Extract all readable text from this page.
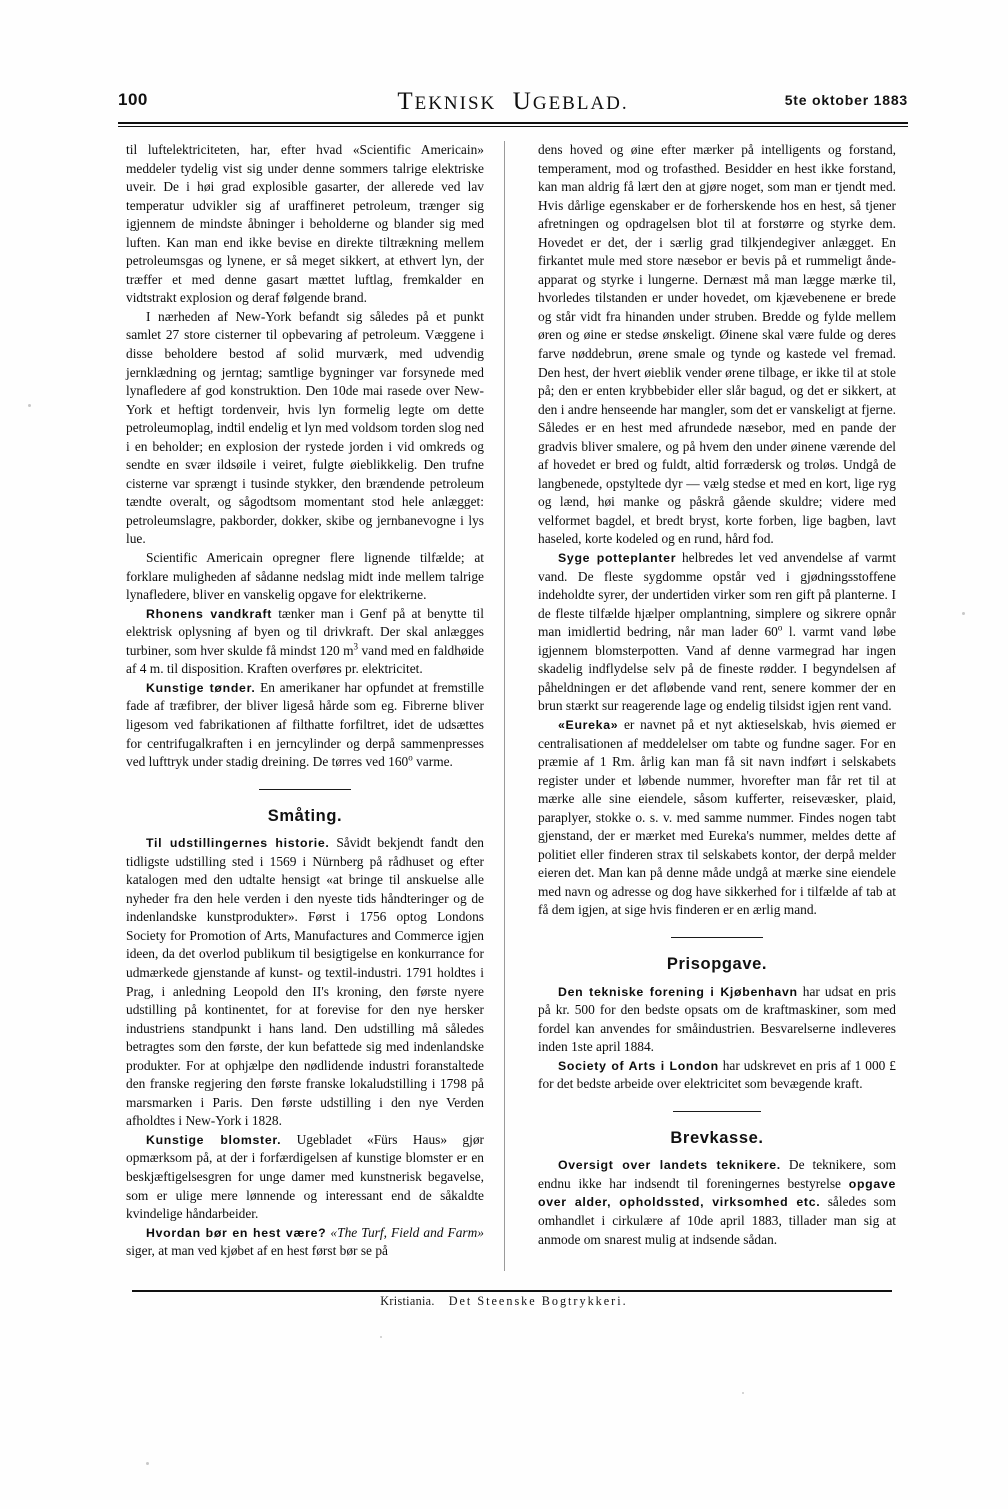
100	TEKNISK UGEBLAD.	5te oktober 1883

til luftelektriciteten, har, efter hvad «Scientific Americain» meddeler tydelig vist sig under denne sommers talrige elektriske uveir. De i høi grad explosible gasarter, der allerede ved lav temperatur udvikler sig af uraffineret petroleum, trænger sig igjennem de mindste åbninger i beholderne og blander sig med luften. Kan man end ikke bevise en direkte tiltrækning mellem petroleumsgas og lynene, er så meget sikkert, at ethvert lyn, der træffer et med denne gasart mættet luftlag, fremkalder en vidtstrakt explosion og deraf følgende brand.

I nærheden af New-York befandt sig således på et punkt samlet 27 store cisterner til opbevaring af petroleum. Væggene i disse beholdere bestod af solid murværk, med udvendig jernklædning og jerntag; samtlige bygninger var forsynede med lynafledere af god konstruktion. Den 10de mai rasede over New-York et heftigt tordenveir, hvis lyn formelig legte om dette petroleumoplag, indtil endelig et lyn med voldsom torden slog ned i en beholder; en explosion der rystede jorden i vid omkreds og sendte en svær ildsøile i veiret, fulgte øieblikkelig. Den trufne cisterne var sprængt i tusinde stykker, den brændende petroleum tændte overalt, og sågodtsom momentant stod hele anlægget: petroleumslagre, pakborder, dokker, skibe og jernbanevogne i lys lue.

Scientific Americain opregner flere lignende tilfælde; at forklare muligheden af sådanne nedslag midt inde mellem talrige lynafledere, bliver en vanskelig opgave for elektrikerne.

Rhonens vandkraft tænker man i Genf på at benytte til elektrisk oplysning af byen og til drivkraft. Der skal anlægges turbiner, som hver skulde få mindst 120 $m^3$ vand med en faldhøide af 4 m. til disposition. Kraften overføres pr. elektricitet.

Kunstige tønder. En amerikaner har opfundet at fremstille fade af træfibrer, der bliver ligeså hårde som eg. Fibrerne bliver ligesom ved fabrikationen af filthatte forfiltret, idet de udsættes for centrifugalkraften i en jerncylinder og derpå sammenpresses ved lufttryk under stadig dreining. De tørres ved 160$^o$ varme.

Småting.

Til udstillingernes historie. Såvidt bekjendt fandt den tidligste udstilling sted i 1569 i Nürnberg på rådhuset og efter katalogen med den udtalte hensigt «at bringe til anskuelse alle nyheder fra den hele verden i den nyeste tids håndteringer og de indenlandske kunstprodukter». Først i 1756 optog Londons Society for Promotion of Arts, Manufactures and Commerce igjen ideen, da det overlod publikum til besigtigelse en konkurrance for udmærkede gjenstande af kunst- og textil-industri. 1791 holdtes i Prag, i anledning Leopold den II's kroning, den første nyere udstilling på kontinentet, for at forevise for den nye hersker industriens standpunkt i hans land. Den udstilling må således betragtes som den første, der kun befattede sig med indenlandske produkter. For at ophjælpe den nødlidende industri foranstaltede den franske regjering den første franske lokaludstilling i 1798 på marsmarken i Paris. Den første udstilling i den nye Verden afholdtes i New-York i 1828.

Kunstige blomster. Ugebladet «Fürs Haus» gjør opmærksom på, at der i forfærdigelsen af kunstige blomster er en beskjæftigelsesgren for unge damer med kunstnerisk begavelse, som er ulige mere lønnende og interessant end de såkaldte kvindelige håndarbeider.

Hvordan bør en hest være? «The Turf, Field and Farm» siger, at man ved kjøbet af en hest først bør se på

dens hoved og øine efter mærker på intelligents og forstand, temperament, mod og trofasthed. Besidder en hest ikke forstand, kan man aldrig få lært den at gjøre noget, som man er tjendt med. Hvis dårlige egenskaber er de forherskende hos en hest, så tjener afretningen og opdragelsen blot til at forstørre og styrke dem. Hovedet er det, der i særlig grad tilkjendegiver anlægget. En firkantet mule med store næsebor er bevis på et rummeligt ånde-apparat og styrke i lungerne. Dernæst må man lægge mærke til, hvorledes tilstanden er under hovedet, om kjævebenene er brede og står vidt fra hinanden under struben. Bredde og fylde mellem øren og øine er stedse ønskeligt. Øinene skal være fulde og deres farve nøddebrun, ørene smale og tynde og kastede vel fremad. Den hest, der hvert øieblik vender ørene tilbage, er ikke til at stole på; den er enten krybbebider eller slår bagud, og det er sikkert, at den i andre henseende har mangler, som det er vanskeligt at fjerne. Således er en hest med afrundede næsebor, med en pande der gradvis bliver smalere, og på hvem den under øinene værende del af hovedet er bred og fuldt, altid forrædersk og troløs. Undgå de langbenede, opstyltede dyr — vælg stedse et med en kort, lige ryg og lænd, høi manke og påskrå gående skuldre; videre med velformet bagdel, et bredt bryst, korte forben, lige bagben, lavt haseled, korte kodeled og en rund, hård fod.

Syge potteplanter helbredes let ved anvendelse af varmt vand. De fleste sygdomme opstår ved i gjødningsstoffene indeholdte syrer, der undertiden virker som ren gift på planterne. I de fleste tilfælde hjælper omplantning, simplere og sikrere opnår man imidlertid bedring, når man lader 60$^o$ l. varmt vand løbe igjennem blomsterpotten. Vand af denne varmegrad har ingen skadelig indflydelse selv på de fineste rødder. I begyndelsen af påheldningen er det afløbende vand rent, senere kommer der en brun stærkt sur reagerende lage og endelig tilsidst igjen rent vand.

«Eureka» er navnet på et nyt aktieselskab, hvis øiemed er centralisationen af meddelelser om tabte og fundne sager. For en præmie af 1 Rm. årlig kan man få sit navn indført i selskabets register under et løbende nummer, hvorefter man får ret til at mærke alle sine eiendele, såsom kufferter, reisevæsker, plaid, paraplyer, stokke o. s. v. med samme nummer. Findes nogen tabt gjenstand, der er mærket med Eureka's nummer, meldes dette af politiet eller finderen strax til selskabets kontor, der derpå melder eieren det. Man kan på denne måde undgå at mærke sine eiendele med navn og adresse og dog have sikkerhed for i tilfælde af tab at få dem igjen, at sige hvis finderen er en ærlig mand.

Prisopgave.

Den tekniske forening i Kjøbenhavn har udsat en pris på kr. 500 for den bedste opsats om de kraftmaskiner, som med fordel kan anvendes for småindustrien. Besvarelserne indleveres inden 1ste april 1884.

Society of Arts i London har udskrevet en pris af 1 000 £ for det bedste arbeide over elektricitet som bevægende kraft.

Brevkasse.

Oversigt over landets teknikere. De teknikere, som endnu ikke har indsendt til foreningernes bestyrelse opgave over alder, opholdssted, virksomhed etc. således som omhandlet i cirkulære af 10de april 1883, tillader man sig at anmode om snarest mulig at indsende sådan.

Kristiania. Det Steenske Bogtrykkeri.
